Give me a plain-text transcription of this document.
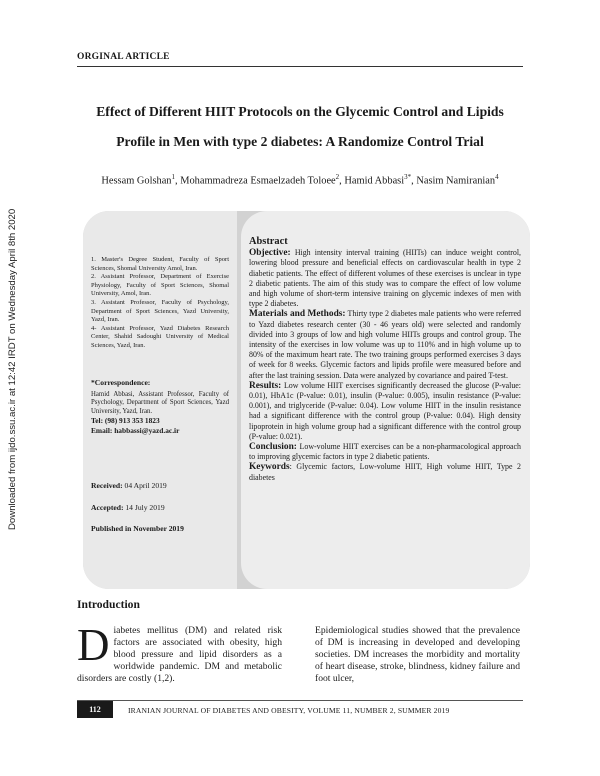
Downloaded from ijdo.ssu.ac.ir at 12:42 IRDT on Wednesday April 8th 2020
ORGINAL ARTICLE
Effect of Different HIIT Protocols on the Glycemic Control and Lipids
Profile in Men with type 2 diabetes: A Randomize Control Trial
Hessam Golshan$^1$, Mohammadreza Esmaelzadeh Toloee$^2$, Hamid Abbasi$^{3*}$, Nasim Namiranian$^4$

1. Master's Degree Student, Faculty of Sport Sciences, Shomal University Amol, Iran.

2. Assistant Professor, Department of Exercise Physiology, Faculty of Sport Sciences, Shomal University, Amol, Iran.

3. Assistant Professor, Faculty of Psychology, Department of Sport Sciences, Yazd University, Yazd, Iran.

4- Assistant Professor, Yazd Diabetes Research Center, Shahid Sadoughi University of Medical Sciences, Yazd, Iran.

*Correspondence:
Hamid Abbasi, Assistant Professor, Faculty of Psychology, Department of Sport Sciences, Yazd University, Yazd, Iran.
Tel: (98) 913 353 1823
Email: habbassi@yazd.ac.ir
Received: 04 April 2019
Accepted: 14 July 2019
Published in November 2019
Abstract

Objective: High intensity interval training (HIITs) can induce weight control, lowering blood pressure and beneficial effects on cardiovascular health in type 2 diabetic patients. The effect of different volumes of these exercises is unclear in type 2 diabetic patients. The aim of this study was to compare the effect of low volume and high volume of short-term intensive training on glycemic indexes of men with type 2 diabetes.

Materials and Methods: Thirty type 2 diabetes male patients who were referred to Yazd diabetes research center (30 - 46 years old) were selected and randomly divided into 3 groups of low and high volume HIITs groups and control group. The intensity of the exercises in low volume was up to 110% and in high volume up to 80% of the maximum heart rate. The two training groups performed exercises 3 days of week for 8 weeks. Glycemic factors and lipids profile were measured before and after the last training session. Data were analyzed by covariance and paired T-test.

Results: Low volume HIIT exercises significantly decreased the glucose (P-value: 0.01), HbA1c (P-value: 0.01), insulin (P-value: 0.005), insulin resistance (P-value: 0.001), and triglyceride (P-value: 0.04). Low volume HIIT in the insulin resistance had a significant difference with the control group (P-value: 0.04). High density lipoprotein in high volume group had a significant difference with the control group (P-value: 0.021).

Conclusion: Low-volume HIIT exercises can be a non-pharmacological approach to improving glycemic factors in type 2 diabetic patients.

Keywords: Glycemic factors, Low-volume HIIT, High volume HIIT, Type 2 diabetes

Introduction
Diabetes mellitus (DM) and related risk factors are associated with obesity, high blood pressure and lipid disorders as a worldwide pandemic. DM and metabolic disorders are costly (1,2).
Epidemiological studies showed that the prevalence of DM is increasing in developed and developing societies. DM increases the morbidity and mortality of heart disease, stroke, blindness, kidney failure and foot ulcer,
112	IRANIAN JOURNAL OF DIABETES AND OBESITY, VOLUME 11, NUMBER 2, SUMMER 2019
